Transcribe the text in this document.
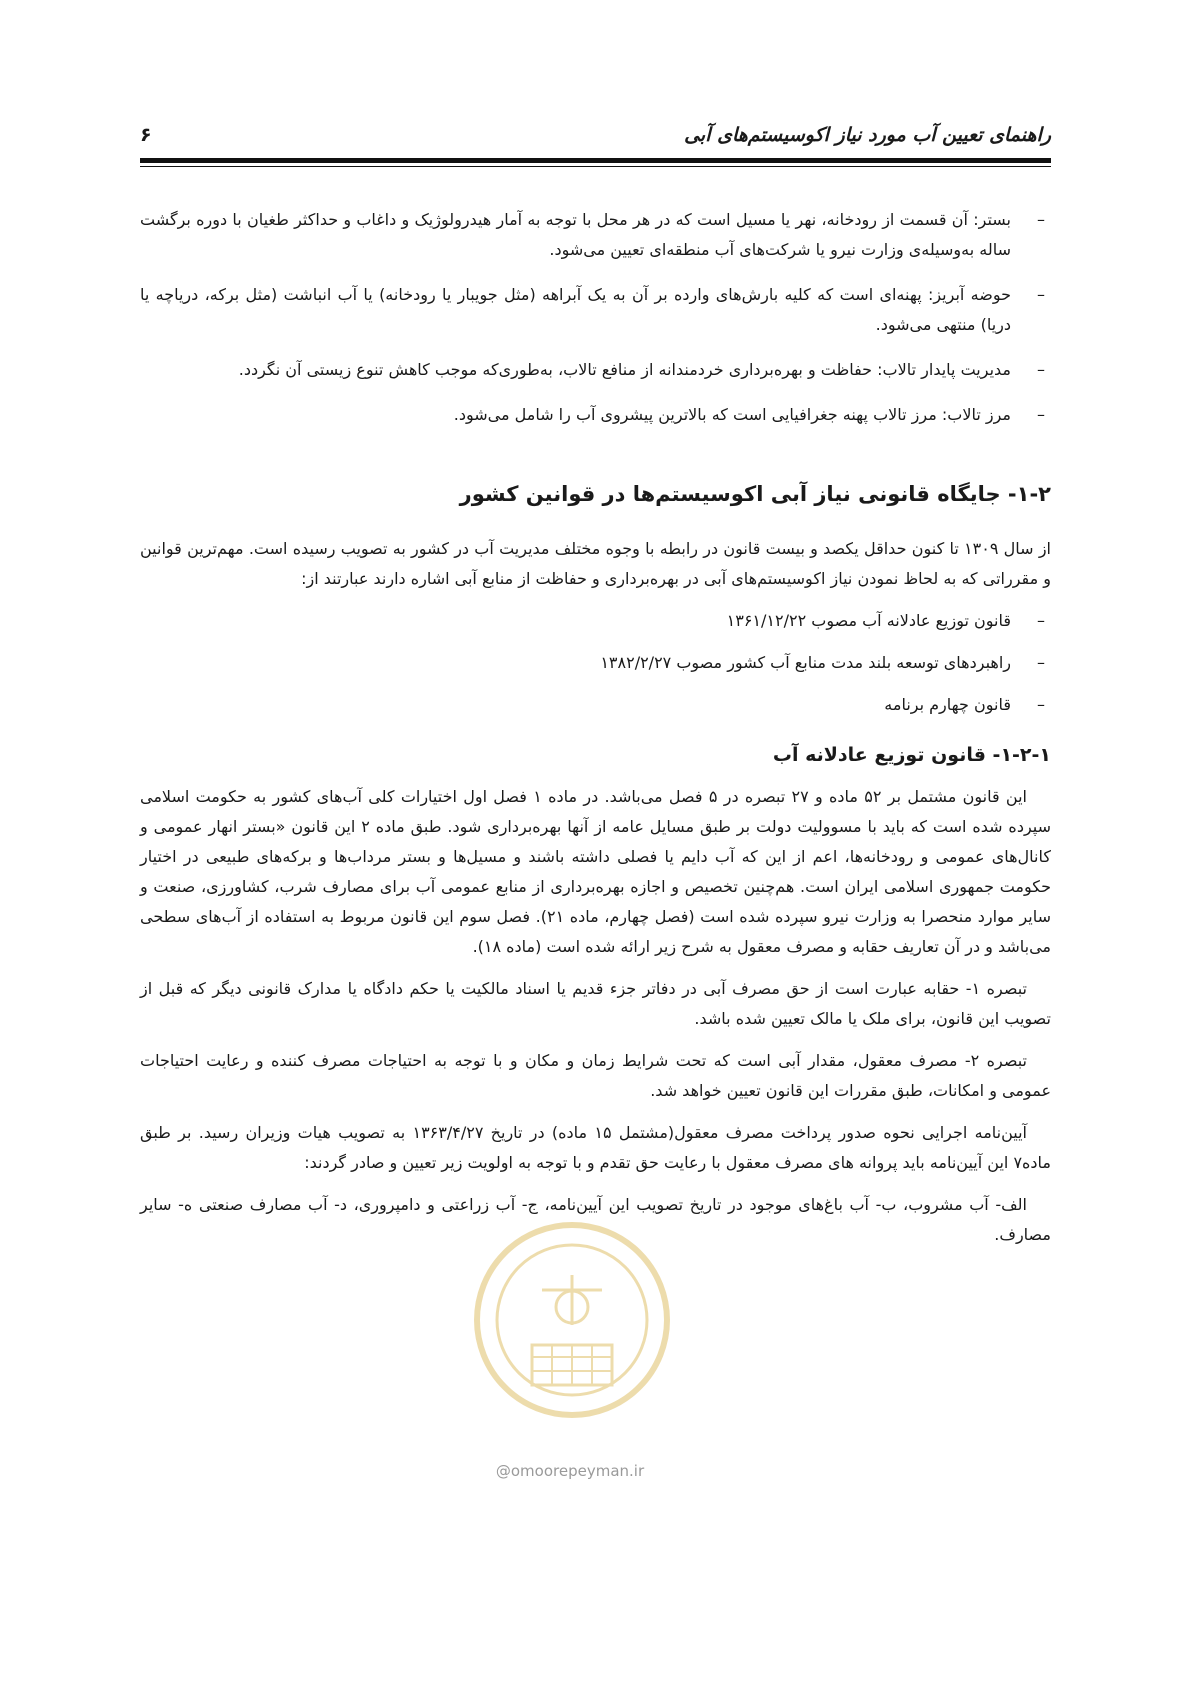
راهنمای تعیین آب مورد نیاز اکوسیستم‌های آبی
۶
– بستر: آن قسمت از رودخانه، نهر یا مسیل است که در هر محل با توجه به آمار هیدرولوژیک و داغاب و حداکثر طغیان با دوره برگشت ساله به‌وسیله‌ی وزارت نیرو یا شرکت‌های آب منطقه‌ای تعیین می‌شود.
– حوضه آبریز: پهنه‌ای است که کلیه بارش‌های وارده بر آن به یک آبراهه (مثل جویبار یا رودخانه) یا آب انباشت (مثل برکه، دریاچه یا دریا) منتهی می‌شود.
– مدیریت پایدار تالاب: حفاظت و بهره‌برداری خردمندانه از منافع تالاب، به‌طوری‌که موجب کاهش تنوع زیستی آن نگردد.
– مرز تالاب: مرز تالاب پهنه جغرافیایی است که بالاترین پیشروی آب را شامل می‌شود.
۱-۲- جایگاه قانونی نیاز آبی اکوسیستم‌ها در قوانین کشور

از سال ۱۳۰۹ تا کنون حداقل یکصد و بیست قانون در رابطه با وجوه مختلف مدیریت آب در کشور به تصویب رسیده است. مهم‌ترین قوانین و مقرراتی که به لحاظ نمودن نیاز اکوسیستم‌های آبی در بهره‌برداری و حفاظت از منابع آبی اشاره دارند عبارتند از:

– قانون توزیع عادلانه آب مصوب ۱۳۶۱/۱۲/۲۲
– راهبردهای توسعه بلند مدت منابع آب کشور مصوب ۱۳۸۲/۲/۲۷
– قانون چهارم برنامه
۱-۲-۱- قانون توزیع عادلانه آب

این قانون مشتمل بر ۵۲ ماده و ۲۷ تبصره در ۵ فصل می‌باشد. در ماده ۱ فصل اول اختیارات کلی آب‌های کشور به حکومت اسلامی سپرده شده است که باید با مسوولیت دولت بر طبق مسایل عامه از آنها بهره‌برداری شود. طبق ماده ۲ این قانون «بستر انهار عمومی و کانال‌های عمومی و رودخانه‌ها، اعم از این که آب دایم یا فصلی داشته باشند و مسیل‌ها و بستر مرداب‌ها و برکه‌های طبیعی در اختیار حکومت جمهوری اسلامی ایران است. هم‌چنین تخصیص و اجازه بهره‌برداری از منابع عمومی آب برای مصارف شرب، کشاورزی، صنعت و سایر موارد منحصرا به وزارت نیرو سپرده شده است (فصل چهارم، ماده ۲۱). فصل سوم این قانون مربوط به استفاده از آب‌های سطحی می‌باشد و در آن تعاریف حقابه و مصرف معقول به شرح زیر ارائه شده است (ماده ۱۸).

تبصره ۱- حقابه عبارت است از حق مصرف آبی در دفاتر جزء قدیم یا اسناد مالکیت یا حکم دادگاه یا مدارک قانونی دیگر که قبل از تصویب این قانون، برای ملک یا مالک تعیین شده باشد.

تبصره ۲- مصرف معقول، مقدار آبی است که تحت شرایط زمان و مکان و با توجه به احتیاجات مصرف کننده و رعایت احتیاجات عمومی و امکانات، طبق مقررات این قانون تعیین خواهد شد.

آیین‌نامه اجرایی نحوه صدور پرداخت مصرف معقول(مشتمل ۱۵ ماده) در تاریخ ۱۳۶۳/۴/۲۷ به تصویب هیات وزیران رسید. بر طبق ماده۷ این آیین‌نامه باید پروانه های مصرف معقول با رعایت حق تقدم و با توجه به اولویت زیر تعیین و صادر گردند:

الف- آب مشروب، ب- آب باغ‌های موجود در تاریخ تصویب این آیین‌نامه، ج- آب زراعتی و دامپروری، د- آب مصارف صنعتی ه- سایر مصارف.

@omoorepeyman.ir
